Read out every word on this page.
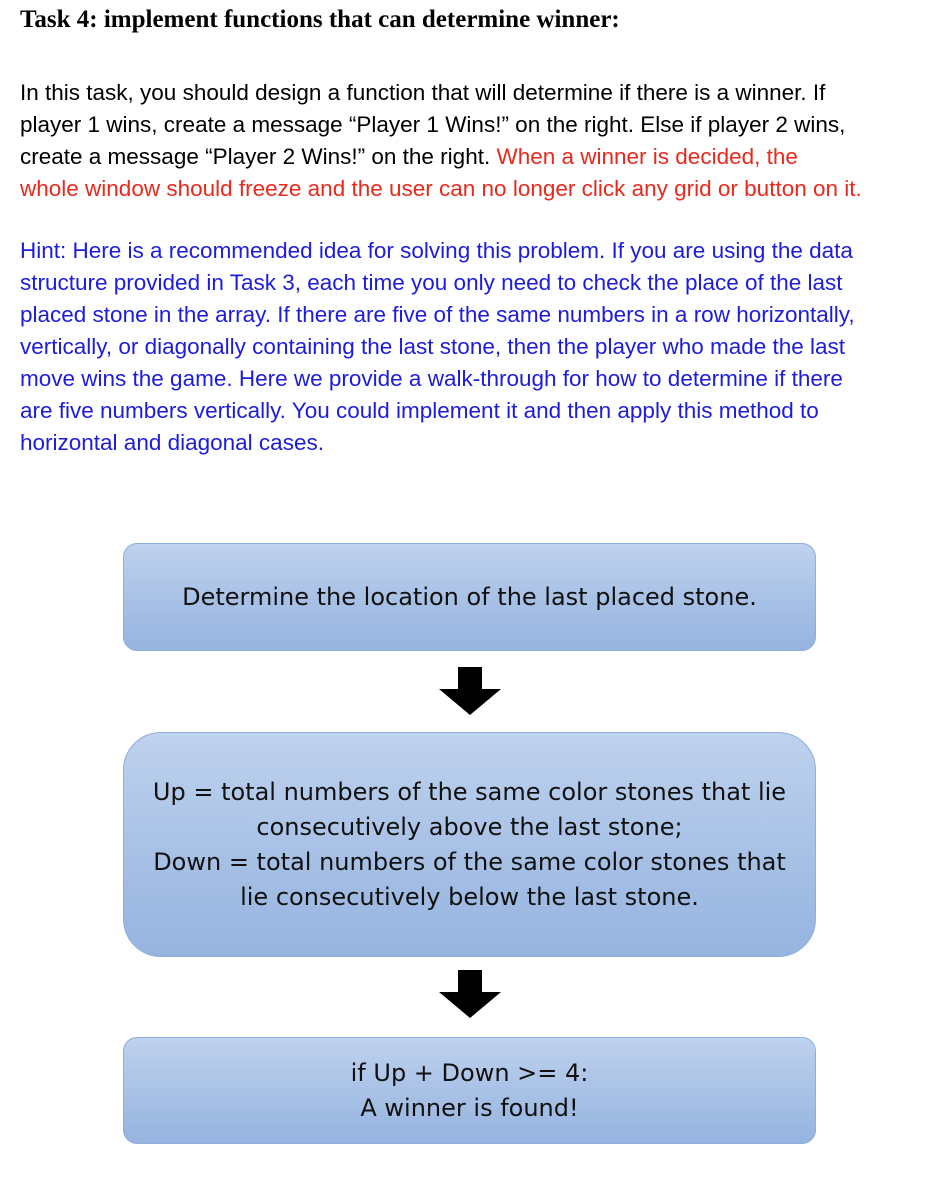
Task 4: implement functions that can determine winner:

In this task, you should design a function that will determine if there is a winner. If
player 1 wins, create a message “Player 1 Wins!” on the right. Else if player 2 wins,
create a message “Player 2 Wins!” on the right. When a winner is decided, the
whole window should freeze and the user can no longer click any grid or button on it.

Hint: Here is a recommended idea for solving this problem. If you are using the data
structure provided in Task 3, each time you only need to check the place of the last
placed stone in the array. If there are five of the same numbers in a row horizontally,
vertically, or diagonally containing the last stone, then the player who made the last
move wins the game. Here we provide a walk-through for how to determine if there
are five numbers vertically. You could implement it and then apply this method to
horizontal and diagonal cases.

Determine the location of the last placed stone.
Up = total numbers of the same color stones that lie
consecutively above the last stone;
Down = total numbers of the same color stones that
lie consecutively below the last stone.
if Up + Down >= 4:
A winner is found!
